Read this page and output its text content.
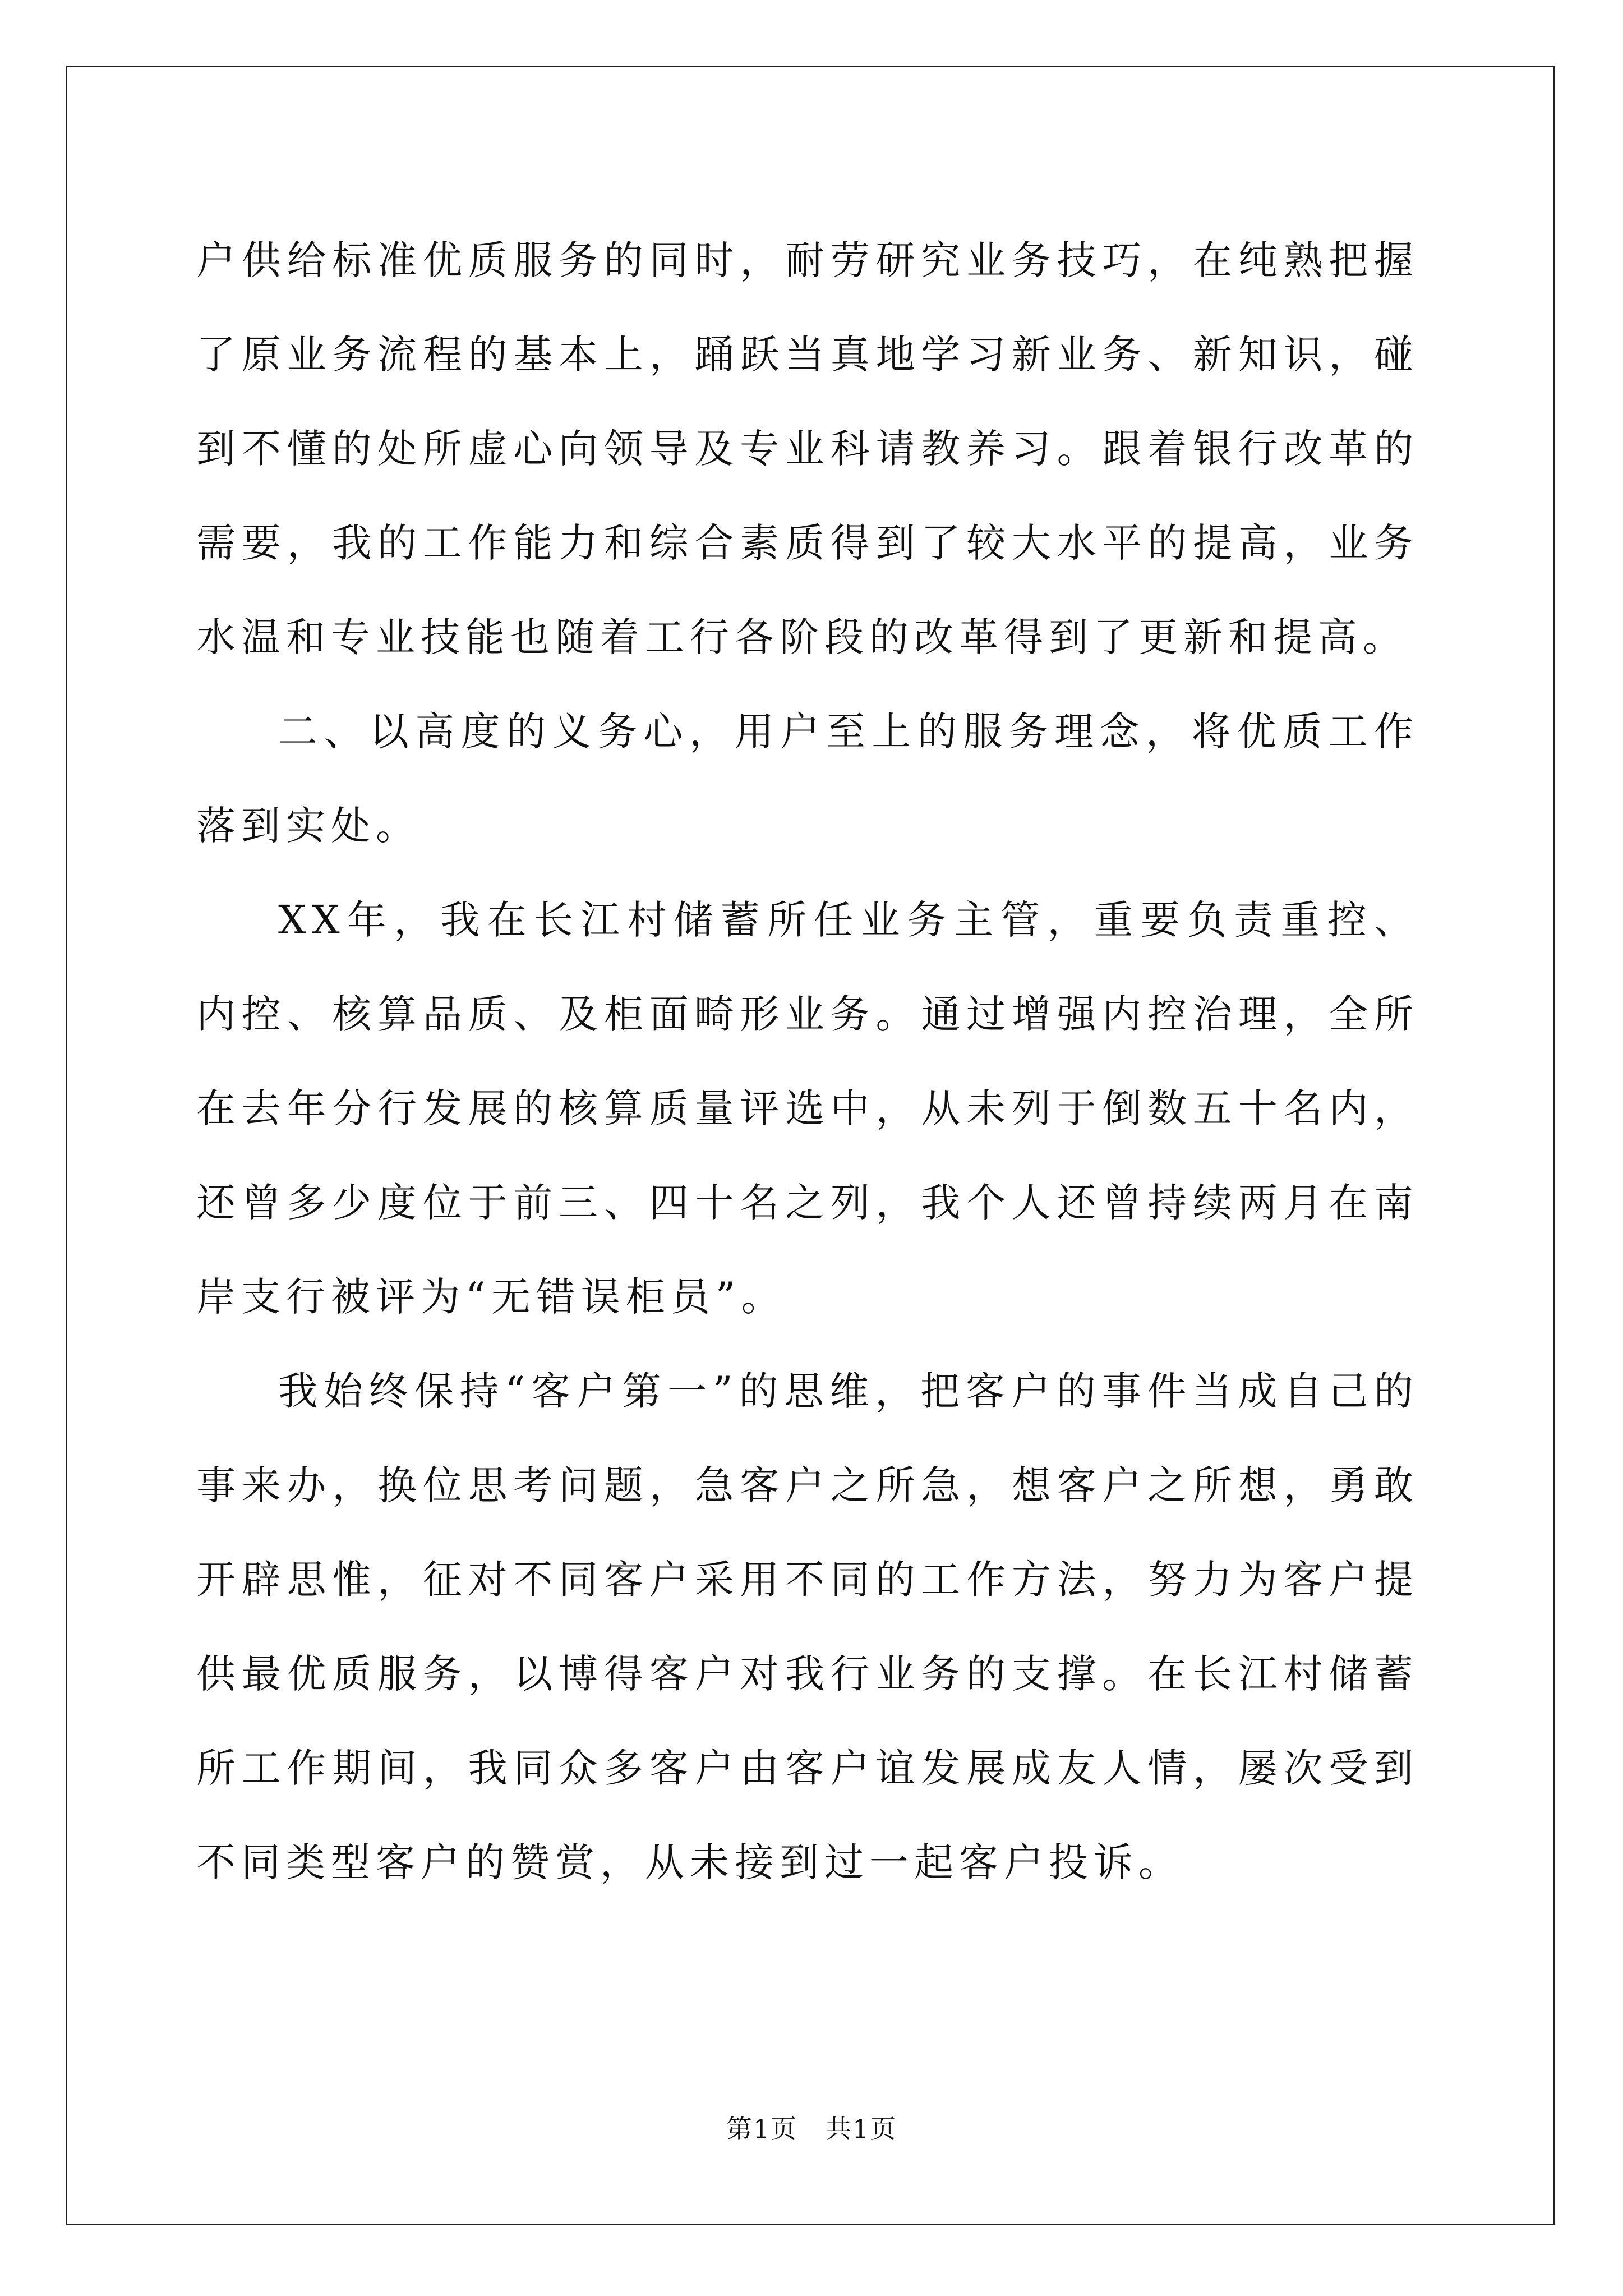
户供给标准优质服务的同时，耐劳研究业务技巧，在纯熟把握了原业务流程的基本上，踊跃当真地学习新业务、新知识，碰到不懂的处所虚心向领导及专业科请教养习。跟着银行改革的需要，我的工作能力和综合素质得到了较大水平的提高，业务水温和专业技能也随着工行各阶段的改革得到了更新和提高。

二、以高度的义务心，用户至上的服务理念，将优质工作落到实处。

XX年，我在长江村储蓄所任业务主管，重要负责重控、内控、核算品质、及柜面畸形业务。通过增强内控治理，全所在去年分行发展的核算质量评选中，从未列于倒数五十名内，还曾多少度位于前三、四十名之列，我个人还曾持续两月在南岸支行被评为“无错误柜员”。

我始终保持“客户第一”的思维，把客户的事件当成自己的事来办，换位思考问题，急客户之所急，想客户之所想，勇敢开辟思惟，征对不同客户采用不同的工作方法，努力为客户提供最优质服务，以博得客户对我行业务的支撑。在长江村储蓄所工作期间，我同众多客户由客户谊发展成友人情，屡次受到不同类型客户的赞赏，从未接到过一起客户投诉。

第1页 共1页
